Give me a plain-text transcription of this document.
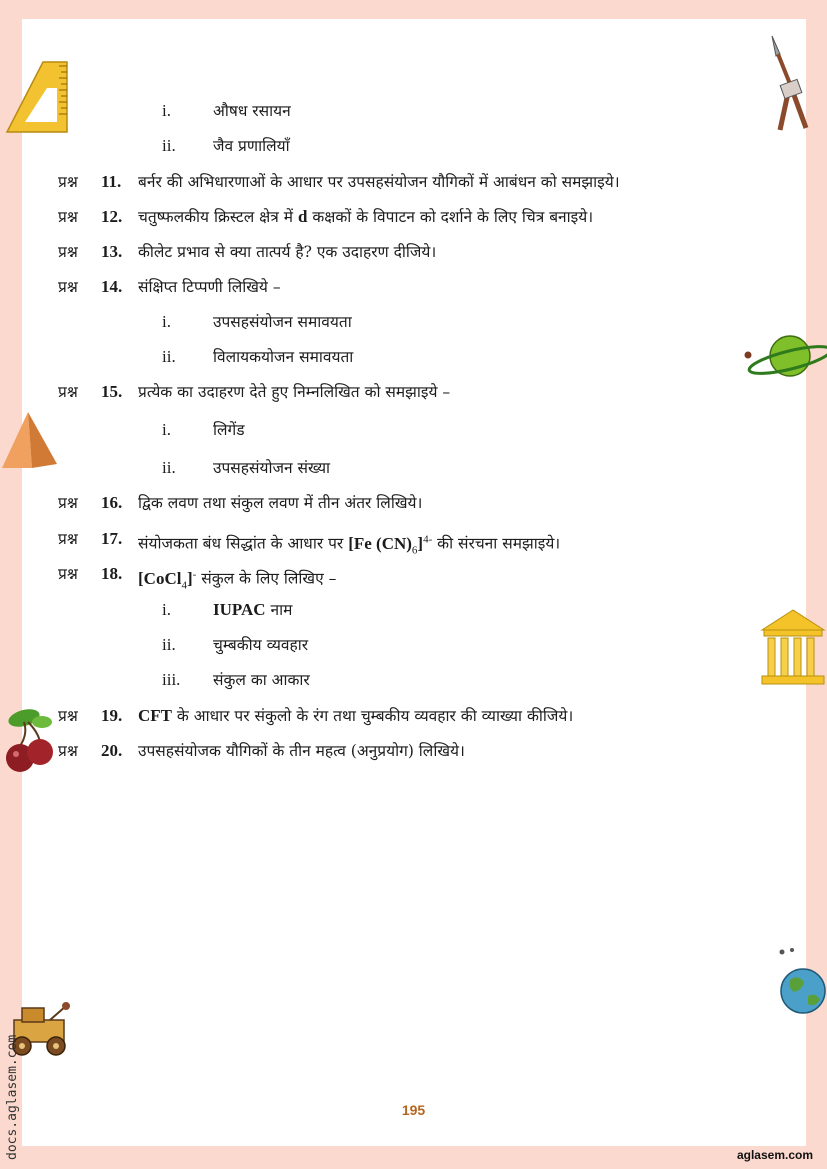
i.	औषध रसायन
ii. जैव प्रणालियाँ
प्रश्न 11. बर्नर की अभिधारणाओं के आधार पर उपसहसंयोजन यौगिकों में आबंधन को समझाइये।
प्रश्न 12. चतुष्फलकीय क्रिस्टल क्षेत्र में d कक्षकों के विपाटन को दर्शाने के लिए चित्र बनाइये।
प्रश्न 13. कीलेट प्रभाव से क्या तात्पर्य है? एक उदाहरण दीजिये।
प्रश्न 14. संक्षिप्त टिप्पणी लिखिये –
i.	उपसहसंयोजन समावयता
ii. विलायकयोजन समावयता
प्रश्न 15. प्रत्येक का उदाहरण देते हुए निम्नलिखित को समझाइये –
i.	लिगेंड
ii. उपसहसंयोजन संख्या
प्रश्न 16. द्विक लवण तथा संकुल लवण में तीन अंतर लिखिये।
प्रश्न 17. संयोजकता बंध सिद्धांत के आधार पर [Fe $(CN)_6]^{4-}$ की संरचना समझाइये।
प्रश्न 18. [CoCl$_4$]- संकुल के लिए लिखिए –
i. IUPAC नाम
ii. चुम्बकीय व्यवहार
iii. संकुल का आकार
प्रश्न 19. CFT के आधार पर संकुलो के रंग तथा चुम्बकीय व्यवहार की व्याख्या कीजिये।
प्रश्न 20. उपसहसंयोजक यौगिकों के तीन महत्व (अनुप्रयोग) लिखिये।
195
aglasem.com
docs.aglasem.com
